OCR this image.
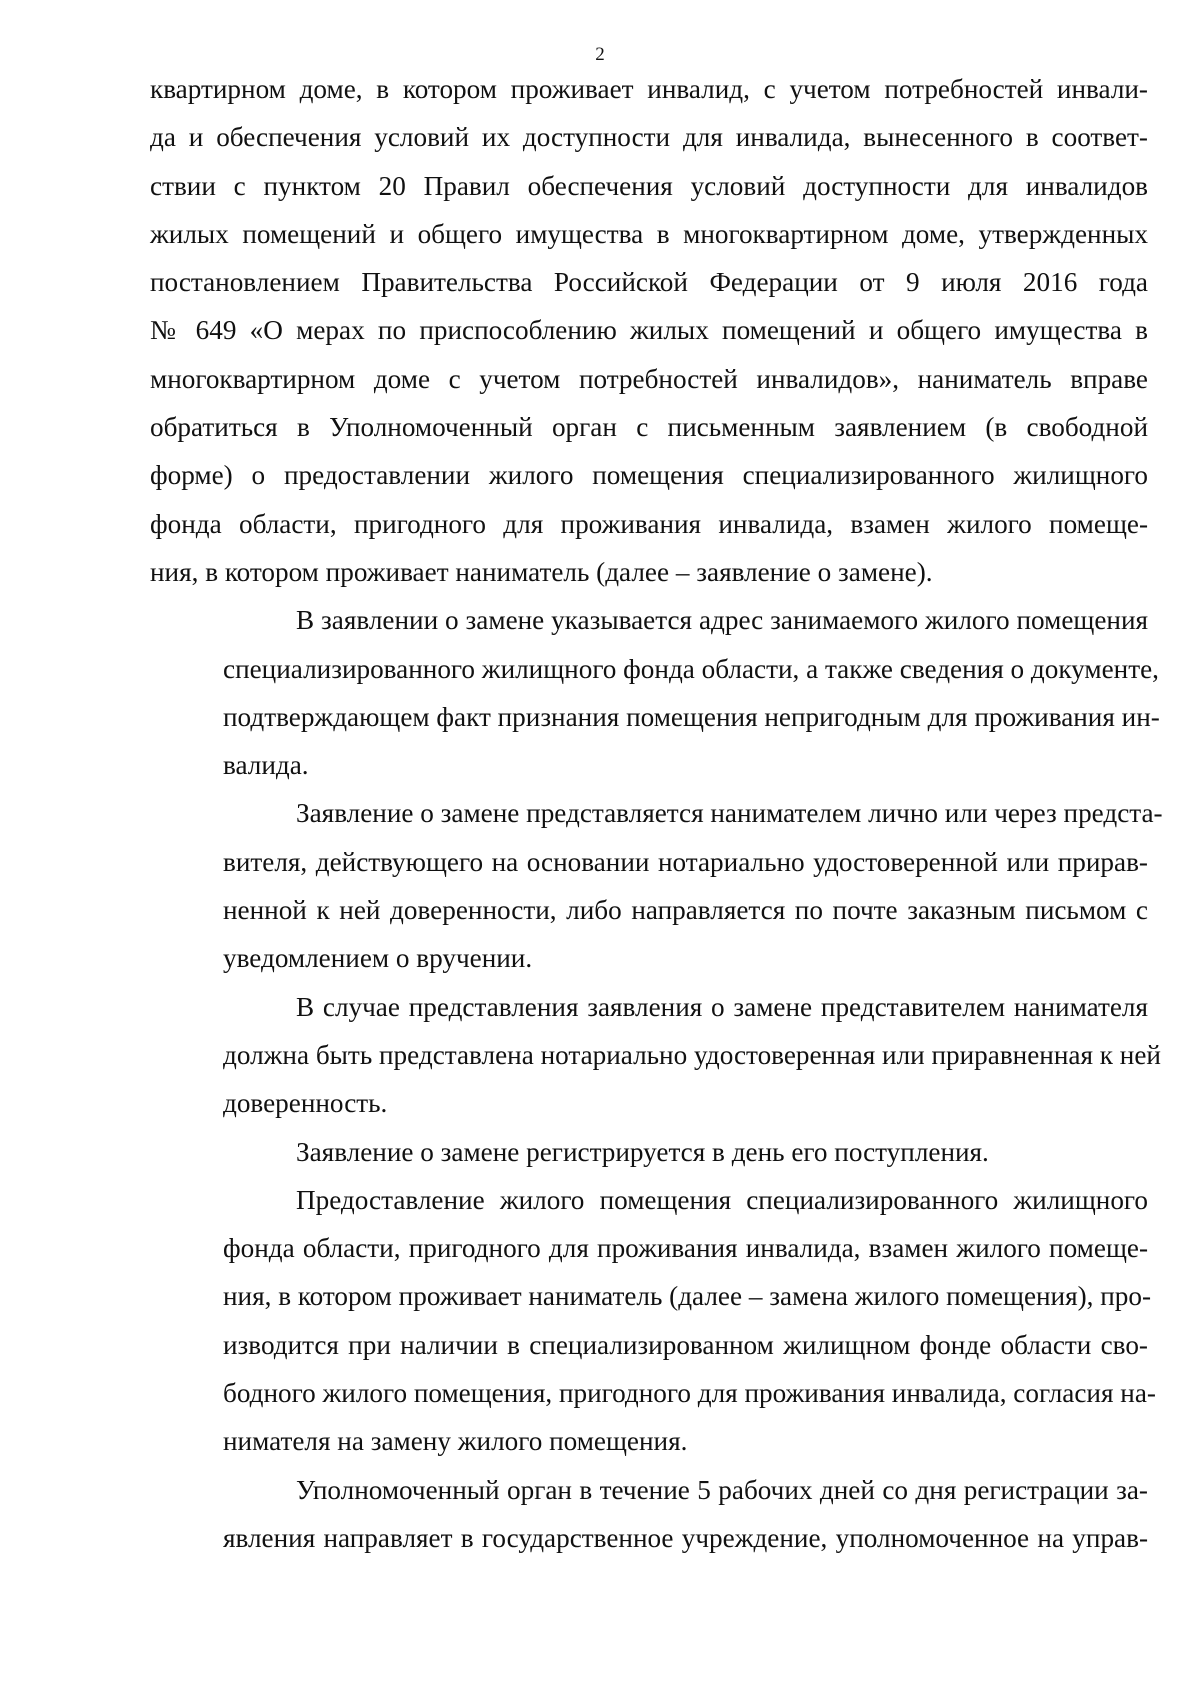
2
квартирном доме, в котором проживает инвалид, с учетом потребностей инвали-
да и обеспечения условий их доступности для инвалида, вынесенного в соответ-
ствии с пунктом 20 Правил обеспечения условий доступности для инвалидов
жилых помещений и общего имущества в многоквартирном доме, утвержденных
постановлением Правительства Российской Федерации от 9 июля 2016 года
№ 649 «О мерах по приспособлению жилых помещений и общего имущества в
многоквартирном доме с учетом потребностей инвалидов», наниматель вправе
обратиться в Уполномоченный орган с письменным заявлением (в свободной
форме) о предоставлении жилого помещения специализированного жилищного
фонда области, пригодного для проживания инвалида, взамен жилого помеще-
ния, в котором проживает наниматель (далее – заявление о замене).
В заявлении о замене указывается адрес занимаемого жилого помещения
специализированного жилищного фонда области, а также сведения о документе,
подтверждающем факт признания помещения непригодным для проживания ин-
валида.
Заявление о замене представляется нанимателем лично или через предста-
вителя, действующего на основании нотариально удостоверенной или прирав-
ненной к ней доверенности, либо направляется по почте заказным письмом с
уведомлением о вручении.
В случае представления заявления о замене представителем нанимателя
должна быть представлена нотариально удостоверенная или приравненная к ней
доверенность.
Заявление о замене регистрируется в день его поступления.
Предоставление жилого помещения специализированного жилищного
фонда области, пригодного для проживания инвалида, взамен жилого помеще-
ния, в котором проживает наниматель (далее – замена жилого помещения), про-
изводится при наличии в специализированном жилищном фонде области сво-
бодного жилого помещения, пригодного для проживания инвалида, согласия на-
нимателя на замену жилого помещения.
Уполномоченный орган в течение 5 рабочих дней со дня регистрации за-
явления направляет в государственное учреждение, уполномоченное на управ-
